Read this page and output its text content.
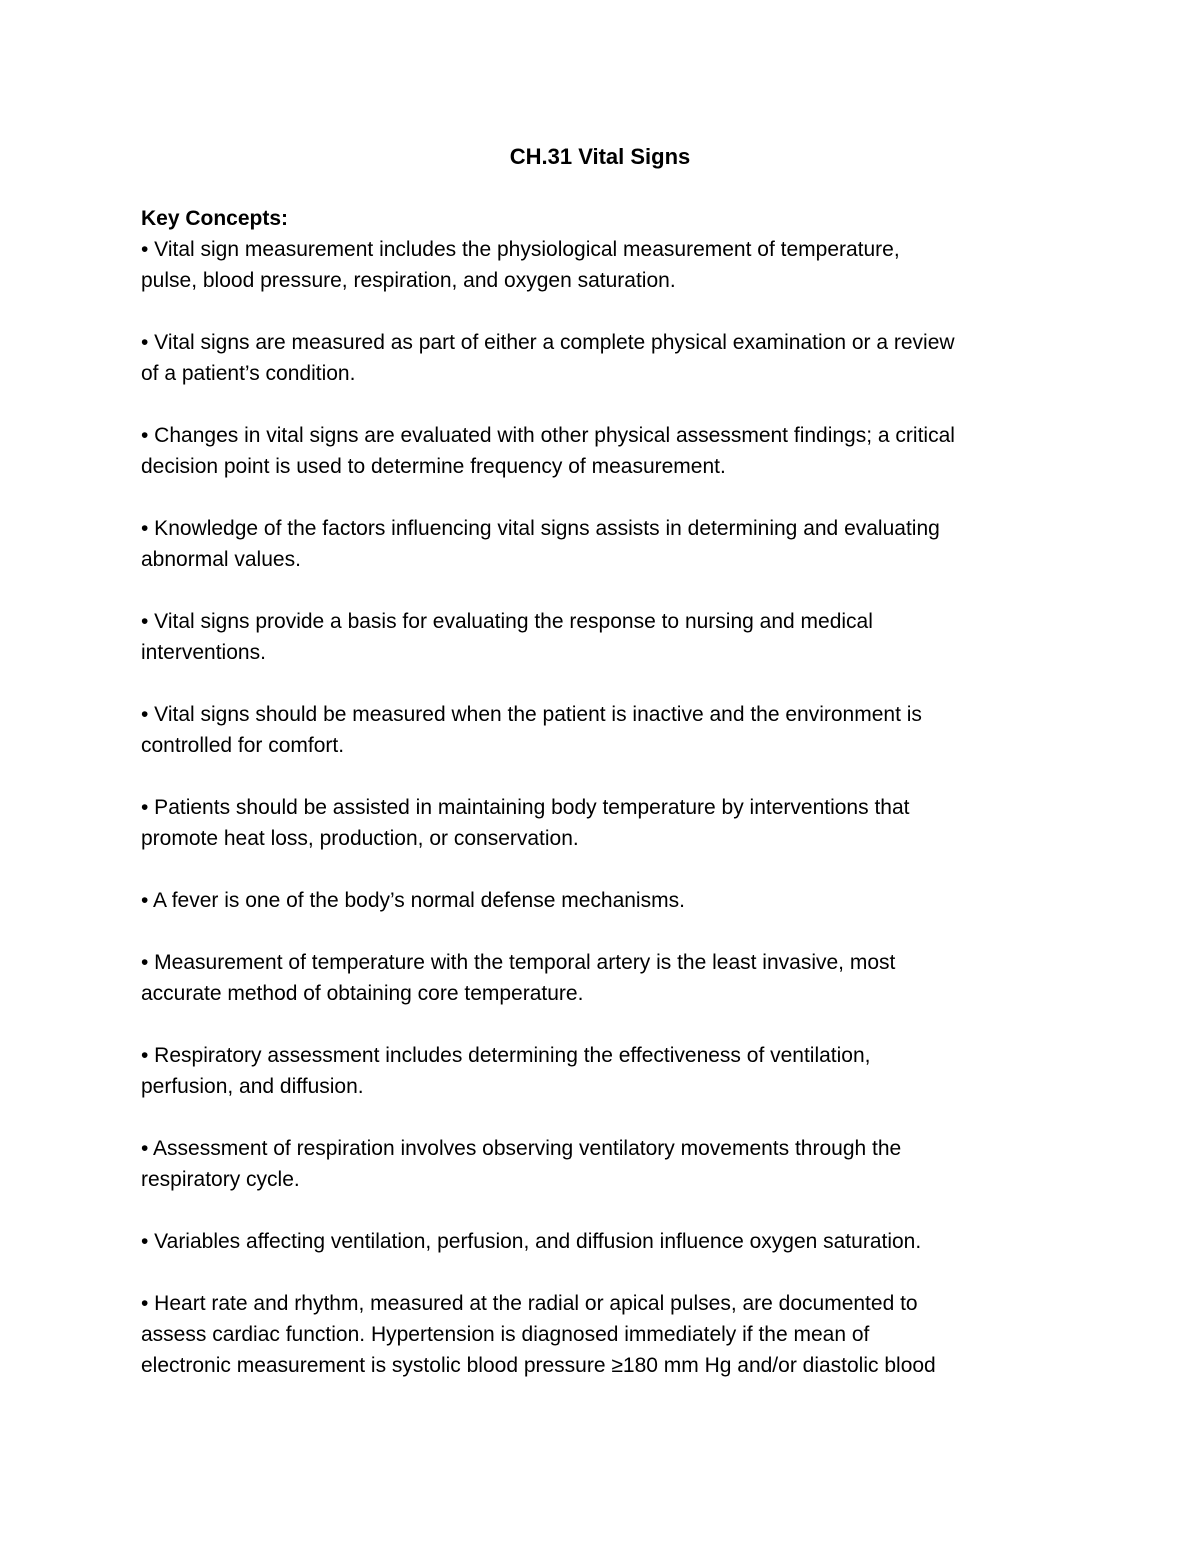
CH.31 Vital Signs
Key Concepts:
• Vital sign measurement includes the physiological measurement of temperature,
pulse, blood pressure, respiration, and oxygen saturation.
• Vital signs are measured as part of either a complete physical examination or a review
of a patient’s condition.
• Changes in vital signs are evaluated with other physical assessment findings; a critical
decision point is used to determine frequency of measurement.
• Knowledge of the factors influencing vital signs assists in determining and evaluating
abnormal values.
• Vital signs provide a basis for evaluating the response to nursing and medical
interventions.
• Vital signs should be measured when the patient is inactive and the environment is
controlled for comfort.
• Patients should be assisted in maintaining body temperature by interventions that
promote heat loss, production, or conservation.
• A fever is one of the body’s normal defense mechanisms.
• Measurement of temperature with the temporal artery is the least invasive, most
accurate method of obtaining core temperature.
• Respiratory assessment includes determining the effectiveness of ventilation,
perfusion, and diffusion.
• Assessment of respiration involves observing ventilatory movements through the
respiratory cycle.
• Variables affecting ventilation, perfusion, and diffusion influence oxygen saturation.
• Heart rate and rhythm, measured at the radial or apical pulses, are documented to
assess cardiac function. Hypertension is diagnosed immediately if the mean of
electronic measurement is systolic blood pressure ≥180 mm Hg and/or diastolic blood
